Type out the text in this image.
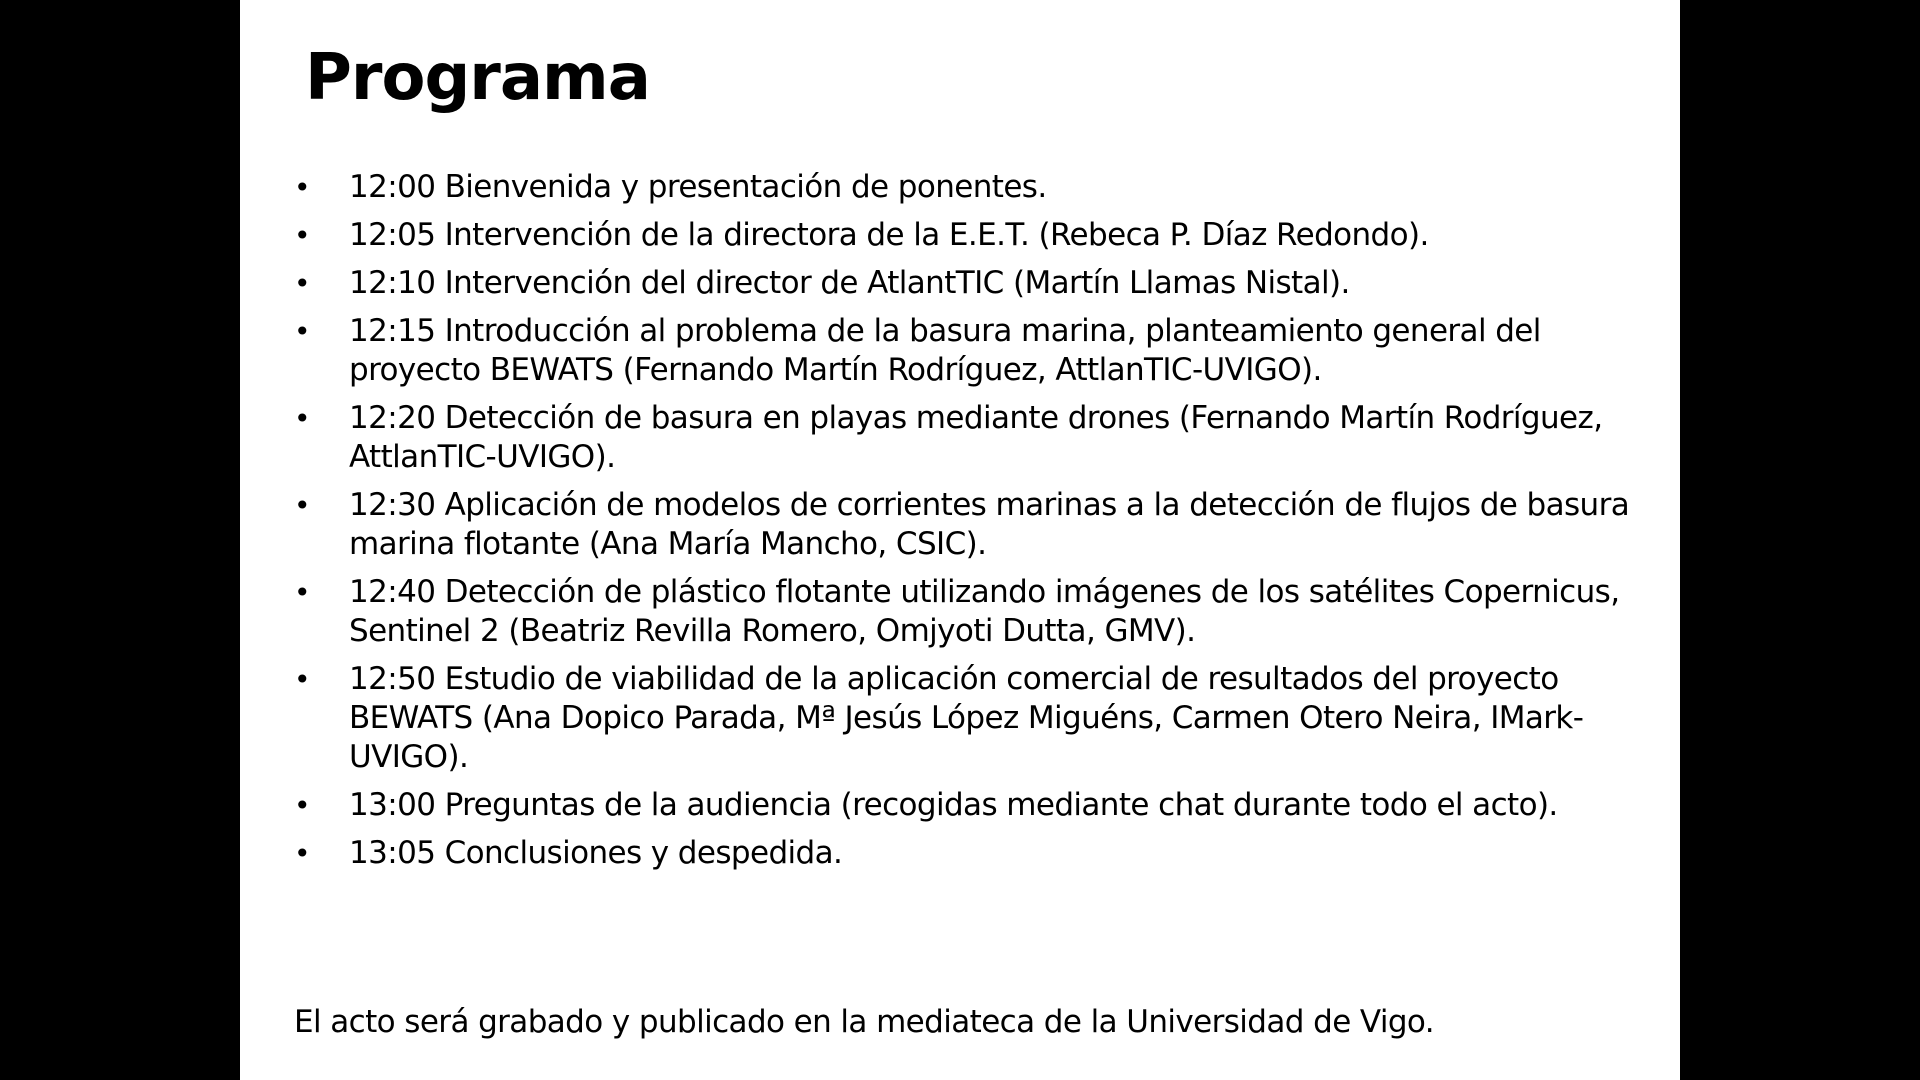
Programa
• 12:00 Bienvenida y presentación de ponentes.
• 12:05 Intervención de la directora de la E.E.T. (Rebeca P. Díaz Redondo).
• 12:10 Intervención del director de AtlantTIC (Martín Llamas Nistal).
• 12:15 Introducción al problema de la basura marina, planteamiento general del proyecto BEWATS (Fernando Martín Rodríguez, AttlanTIC-UVIGO).
• 12:20 Detección de basura en playas mediante drones (Fernando Martín Rodríguez, AttlanTIC-UVIGO).
• 12:30 Aplicación de modelos de corrientes marinas a la detección de flujos de basura marina flotante (Ana María Mancho, CSIC).
• 12:40 Detección de plástico flotante utilizando imágenes de los satélites Copernicus, Sentinel 2 (Beatriz Revilla Romero, Omjyoti Dutta, GMV).
• 12:50 Estudio de viabilidad de la aplicación comercial de resultados del proyecto BEWATS (Ana Dopico Parada, Mª Jesús López Miguéns, Carmen Otero Neira, IMark-UVIGO).
• 13:00 Preguntas de la audiencia (recogidas mediante chat durante todo el acto).
• 13:05 Conclusiones y despedida.

El acto será grabado y publicado en la mediateca de la Universidad de Vigo.
